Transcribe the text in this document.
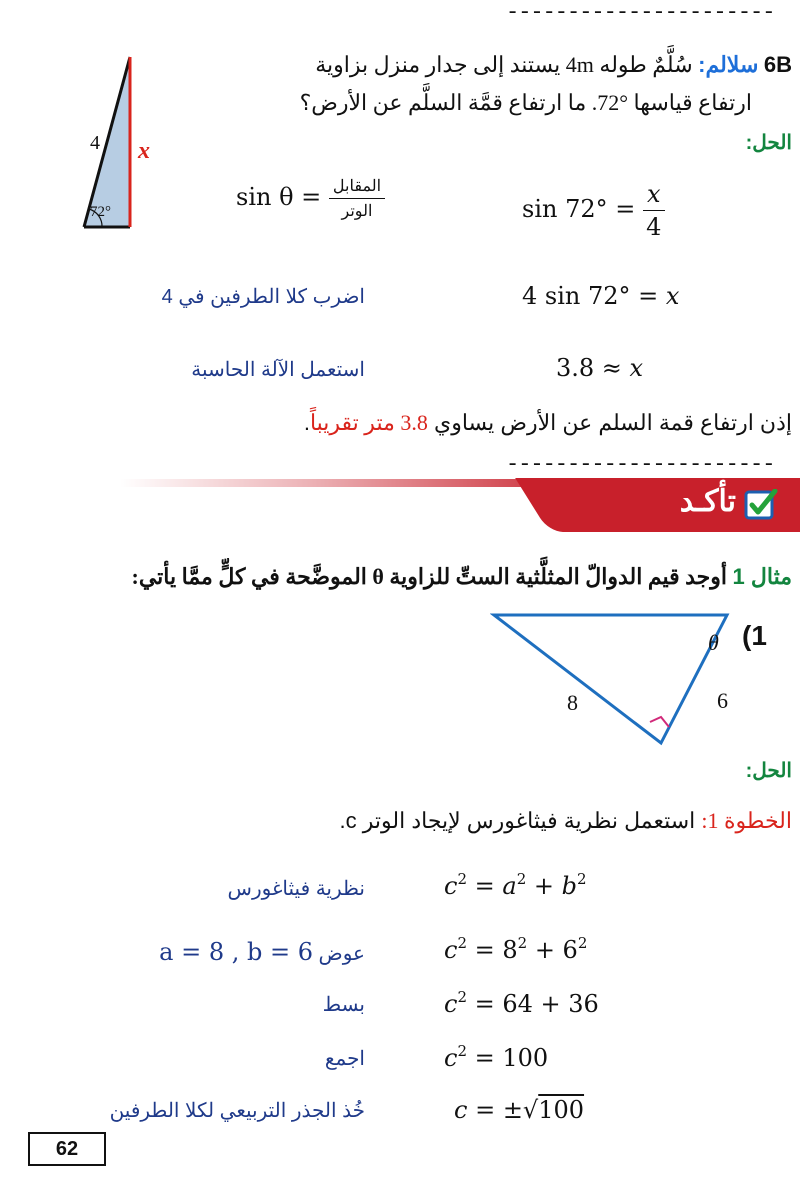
----------------------
6B سلالم: سُلَّمٌ طوله 4m يستند إلى جدار منزل بزاوية
ارتفاع قياسها °72. ما ارتفاع قمَّة السلَّم عن الأرض؟
الحل:
4 x
72°
$\sin \theta = \frac{\text{المقابل}}{\text{الوتر}}$	$\sin 72^\circ = \frac{x}{4}$
اضرب كلا الطرفين في 4	4 sin 72° = x
استعمل الآلة الحاسبة	3.8 ≈ x
إذن ارتفاع قمة السلم عن الأرض يساوي 3.8 متر تقريباً.
----------------------
تأكـد
مثال 1 أوجد قيم الدوالّ المثلَّثية الستِّ للزاوية θ الموضَّحة في كلٍّ ممَّا يأتي:
(1
θ
8	6
الحل:
الخطوة 1: استعمل نظرية فيثاغورس لإيجاد الوتر c.
نظرية فيثاغورس	$c^2 = a^2 + b^2$
عوض a = 8 , b = 6	$c^2 = 8^2 + 6^2$
بسط	$c^2 = 64 + 36$
اجمع	$c^2 = 100$
خُذ الجذر التربيعي لكلا الطرفين	c = ±√100
62
